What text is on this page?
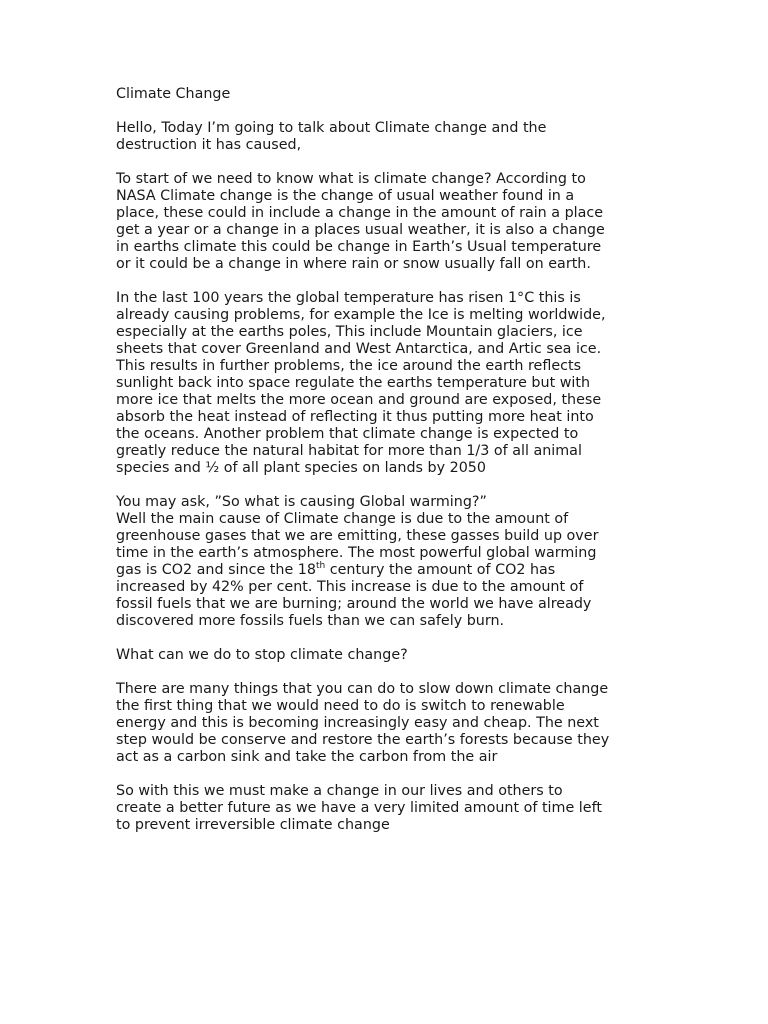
Climate Change
Hello, Today I’m going to talk about Climate change and the
destruction it has caused,
To start of we need to know what is climate change? According to
NASA Climate change is the change of usual weather found in a
place, these could in include a change in the amount of rain a place
get a year or a change in a places usual weather, it is also a change
in earths climate this could be change in Earth’s Usual temperature
or it could be a change in where rain or snow usually fall on earth.
In the last 100 years the global temperature has risen 1°C this is
already causing problems, for example the Ice is melting worldwide,
especially at the earths poles, This include Mountain glaciers, ice
sheets that cover Greenland and West Antarctica, and Artic sea ice.
This results in further problems, the ice around the earth reflects
sunlight back into space regulate the earths temperature but with
more ice that melts the more ocean and ground are exposed, these
absorb the heat instead of reflecting it thus putting more heat into
the oceans. Another problem that climate change is expected to
greatly reduce the natural habitat for more than 1/3 of all animal
species and ½ of all plant species on lands by 2050
You may ask, ”So what is causing Global warming?”
Well the main cause of Climate change is due to the amount of
greenhouse gases that we are emitting, these gasses build up over
time in the earth’s atmosphere. The most powerful global warming
gas is CO2 and since the 18th century the amount of CO2 has
increased by 42% per cent. This increase is due to the amount of
fossil fuels that we are burning; around the world we have already
discovered more fossils fuels than we can safely burn.
What can we do to stop climate change?
There are many things that you can do to slow down climate change
the first thing that we would need to do is switch to renewable
energy and this is becoming increasingly easy and cheap. The next
step would be conserve and restore the earth’s forests because they
act as a carbon sink and take the carbon from the air
So with this we must make a change in our lives and others to
create a better future as we have a very limited amount of time left
to prevent irreversible climate change
